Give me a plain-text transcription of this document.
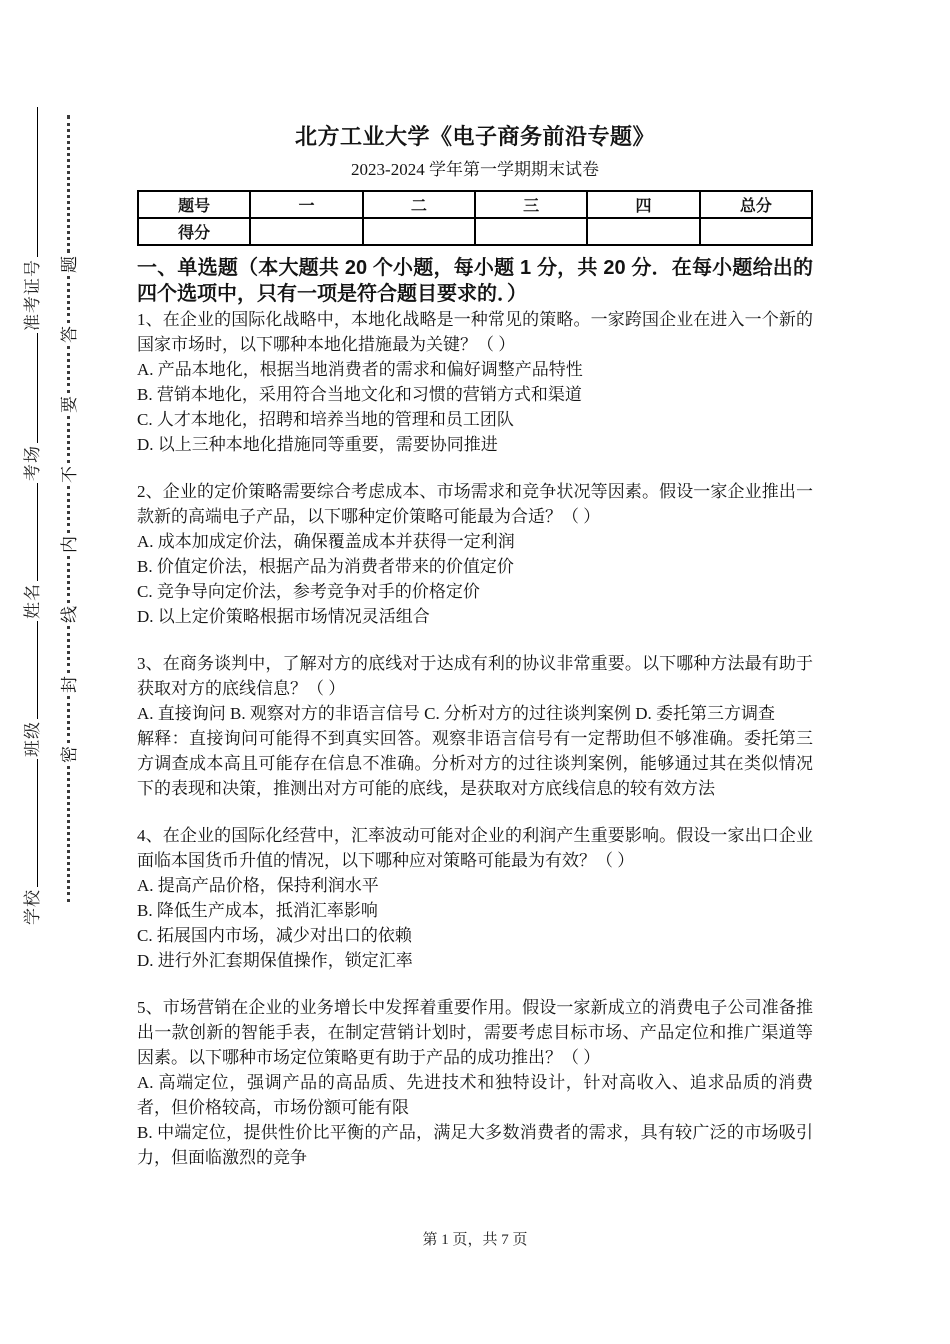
学校班级姓名考场准考证号
密封线内不要答题
北方工业大学《电子商务前沿专题》
2023-2024 学年第一学期期末试卷
题号	一	二	三	四	总分
得分					
一、单选题（本大题共 20 个小题，每小题 1 分，共 20 分．在每小题给出的四个选项中，只有一项是符合题目要求的．）

1、在企业的国际化战略中，本地化战略是一种常见的策略。一家跨国企业在进入一个新的国家市场时，以下哪种本地化措施最为关键？（ ）

A. 产品本地化，根据当地消费者的需求和偏好调整产品特性

B. 营销本地化，采用符合当地文化和习惯的营销方式和渠道

C. 人才本地化，招聘和培养当地的管理和员工团队

D. 以上三种本地化措施同等重要，需要协同推进

2、企业的定价策略需要综合考虑成本、市场需求和竞争状况等因素。假设一家企业推出一款新的高端电子产品，以下哪种定价策略可能最为合适？（ ）

A. 成本加成定价法，确保覆盖成本并获得一定利润

B. 价值定价法，根据产品为消费者带来的价值定价

C. 竞争导向定价法，参考竞争对手的价格定价

D. 以上定价策略根据市场情况灵活组合

3、在商务谈判中，了解对方的底线对于达成有利的协议非常重要。以下哪种方法最有助于获取对方的底线信息？（ ）

A. 直接询问 B. 观察对方的非语言信号 C. 分析对方的过往谈判案例 D. 委托第三方调查

解释：直接询问可能得不到真实回答。观察非语言信号有一定帮助但不够准确。委托第三方调查成本高且可能存在信息不准确。分析对方的过往谈判案例，能够通过其在类似情况下的表现和决策，推测出对方可能的底线，是获取对方底线信息的较有效方法

4、在企业的国际化经营中，汇率波动可能对企业的利润产生重要影响。假设一家出口企业面临本国货币升值的情况，以下哪种应对策略可能最为有效？（ ）

A. 提高产品价格，保持利润水平

B. 降低生产成本，抵消汇率影响

C. 拓展国内市场，减少对出口的依赖

D. 进行外汇套期保值操作，锁定汇率

5、市场营销在企业的业务增长中发挥着重要作用。假设一家新成立的消费电子公司准备推出一款创新的智能手表，在制定营销计划时，需要考虑目标市场、产品定位和推广渠道等因素。以下哪种市场定位策略更有助于产品的成功推出？（ ）

A. 高端定位，强调产品的高品质、先进技术和独特设计，针对高收入、追求品质的消费者，但价格较高，市场份额可能有限

B. 中端定位，提供性价比平衡的产品，满足大多数消费者的需求，具有较广泛的市场吸引力，但面临激烈的竞争

第 1 页，共 7 页
